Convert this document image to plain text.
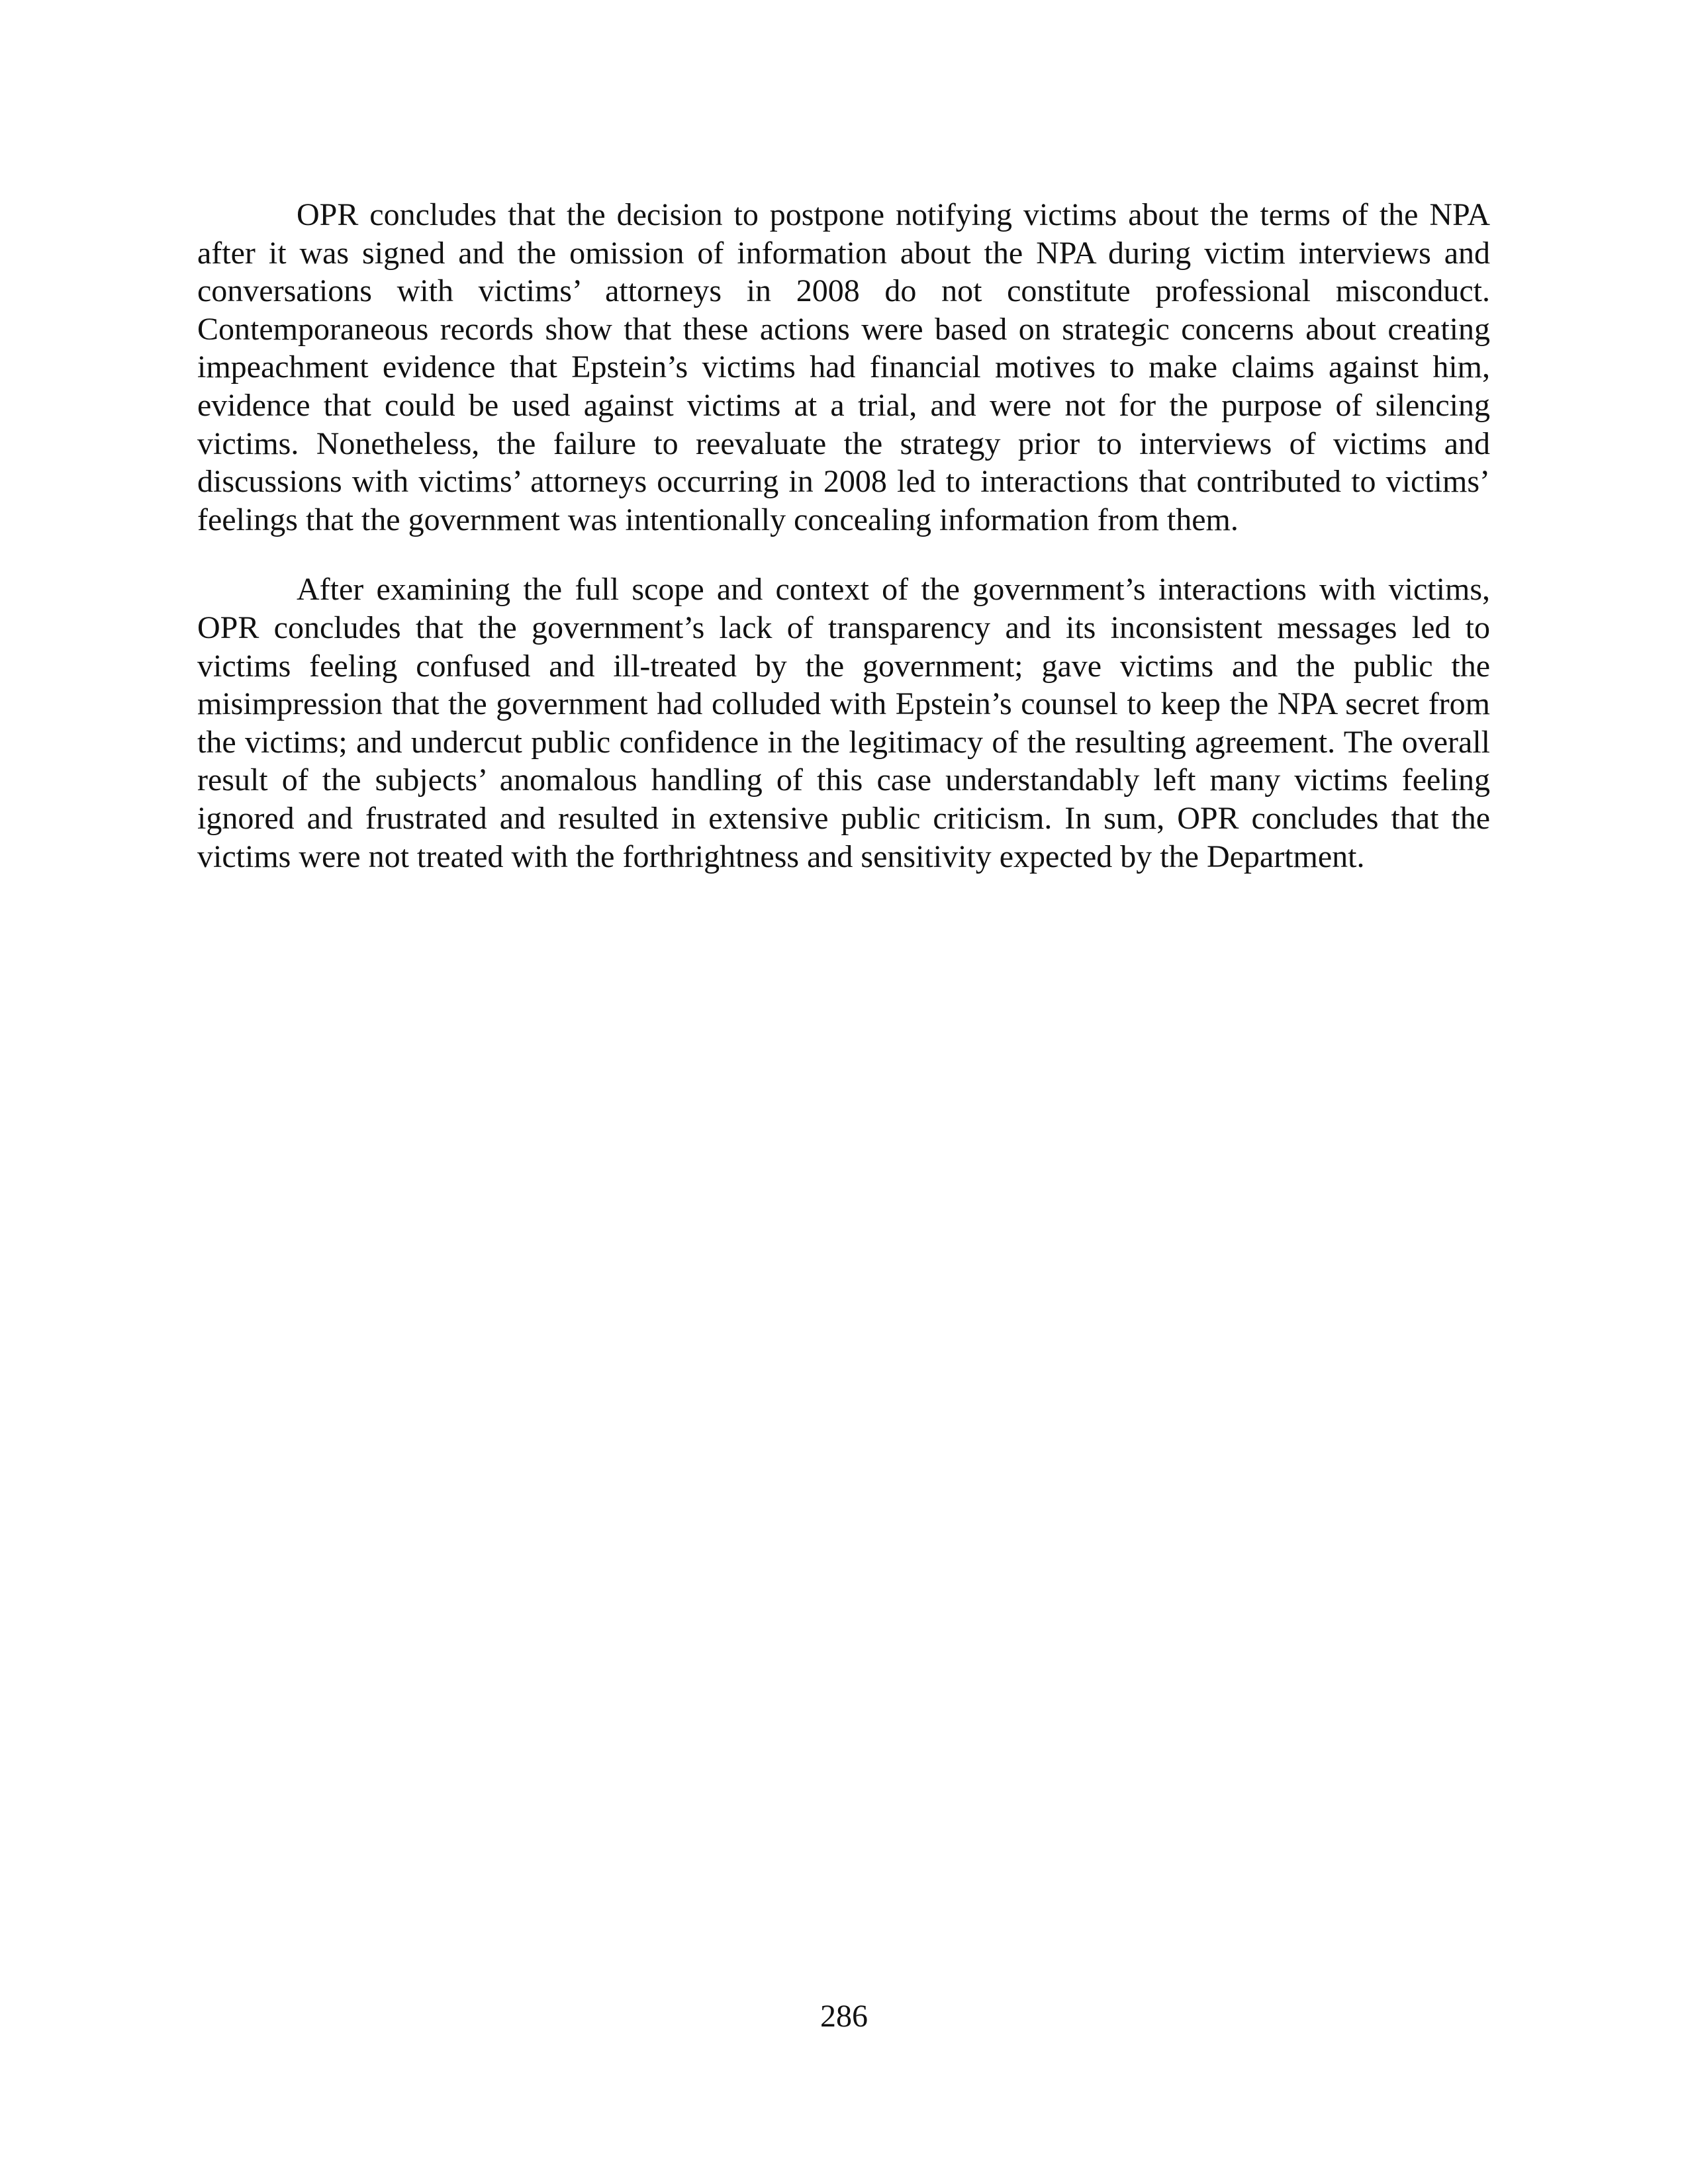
OPR concludes that the decision to postpone notifying victims about the terms of the NPA after it was signed and the omission of information about the NPA during victim interviews and conversations with victims’ attorneys in 2008 do not constitute professional misconduct. Contemporaneous records show that these actions were based on strategic concerns about creating impeachment evidence that Epstein’s victims had financial motives to make claims against him, evidence that could be used against victims at a trial, and were not for the purpose of silencing victims. Nonetheless, the failure to reevaluate the strategy prior to interviews of victims and discussions with victims’ attorneys occurring in 2008 led to interactions that contributed to victims’ feelings that the government was intentionally concealing information from them.

After examining the full scope and context of the government’s interactions with victims, OPR concludes that the government’s lack of transparency and its inconsistent messages led to victims feeling confused and ill-treated by the government; gave victims and the public the misimpression that the government had colluded with Epstein’s counsel to keep the NPA secret from the victims; and undercut public confidence in the legitimacy of the resulting agreement. The overall result of the subjects’ anomalous handling of this case understandably left many victims feeling ignored and frustrated and resulted in extensive public criticism. In sum, OPR concludes that the victims were not treated with the forthrightness and sensitivity expected by the Department.

286
